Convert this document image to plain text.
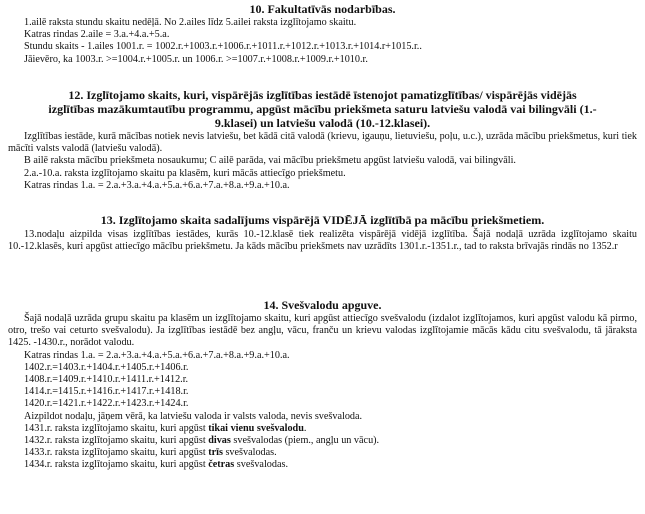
10. Fakultatīvās nodarbības.

1.ailē raksta stundu skaitu nedēļā. No 2.ailes līdz 5.ailei raksta izglītojamo skaitu.

Katras rindas 2.aile = 3.a.+4.a.+5.a.

Stundu skaits - 1.ailes 1001.r. = 1002.r.+1003.r.+1006.r.+1011.r.+1012.r.+1013.r.+1014.r+1015.r..

Jāievēro, ka 1003.r. >=1004.r.+1005.r. un 1006.r. >=1007.r.+1008.r.+1009.r.+1010.r.

12. Izglītojamo skaits, kuri, vispārējās izglītības iestādē īstenojot pamatizglītības/ vispārējās vidējās
izglītības mazākumtautību programmu, apgūst mācību priekšmeta saturu latviešu valodā vai bilingvāli (1.-
9.klasei) un latviešu valodā (10.-12.klasei).

Izglītības iestāde, kurā mācības notiek nevis latviešu, bet kādā citā valodā (krievu, igauņu, lietuviešu, poļu, u.c.), uzrāda mācību priekšmetus, kuri tiek mācīti valsts valodā (latviešu valodā).

B ailē raksta mācību priekšmeta nosaukumu; C ailē parāda, vai mācību priekšmetu apgūst latviešu valodā, vai bilingvāli.

2.a.-10.a. raksta izglītojamo skaitu pa klasēm, kuri mācās attiecīgo priekšmetu.

Katras rindas 1.a. = 2.a.+3.a.+4.a.+5.a.+6.a.+7.a.+8.a.+9.a.+10.a.

13. Izglītojamo skaita sadalījums vispārējā VIDĒJĀ izglītībā pa mācību priekšmetiem.

13.nodaļu aizpilda visas izglītības iestādes, kurās 10.-12.klasē tiek realizēta vispārējā vidējā izglītība. Šajā nodaļā uzrāda izglītojamo skaitu 10.-12.klasēs, kuri apgūst attiecīgo mācību priekšmetu. Ja kāds mācību priekšmets nav uzrādīts 1301.r.-1351.r., tad to raksta brīvajās rindās no 1352.r

14. Svešvalodu apguve.

Šajā nodaļā uzrāda grupu skaitu pa klasēm un izglītojamo skaitu, kuri apgūst attiecīgo svešvalodu (izdalot izglītojamos, kuri apgūst valodu kā pirmo, otro, trešo vai ceturto svešvalodu). Ja izglītības iestādē bez angļu, vācu, franču un krievu valodas izglītojamie mācās kādu citu svešvalodu, tā jāraksta 1425. -1430.r., norādot valodu.

Katras rindas 1.a. = 2.a.+3.a.+4.a.+5.a.+6.a.+7.a.+8.a.+9.a.+10.a.

1402.r.=1403.r.+1404.r.+1405.r.+1406.r.

1408.r.=1409.r.+1410.r.+1411.r.+1412.r.

1414.r.=1415.r.+1416.r.+1417.r.+1418.r.

1420.r.=1421.r.+1422.r.+1423.r.+1424.r.

Aizpildot nodaļu, jāņem vērā, ka latviešu valoda ir valsts valoda, nevis svešvaloda.

1431.r. raksta izglītojamo skaitu, kuri apgūst tikai vienu svešvalodu.

1432.r. raksta izglītojamo skaitu, kuri apgūst divas svešvalodas (piem., angļu un vācu).

1433.r. raksta izglītojamo skaitu, kuri apgūst trīs svešvalodas.

1434.r. raksta izglītojamo skaitu, kuri apgūst četras svešvalodas.
